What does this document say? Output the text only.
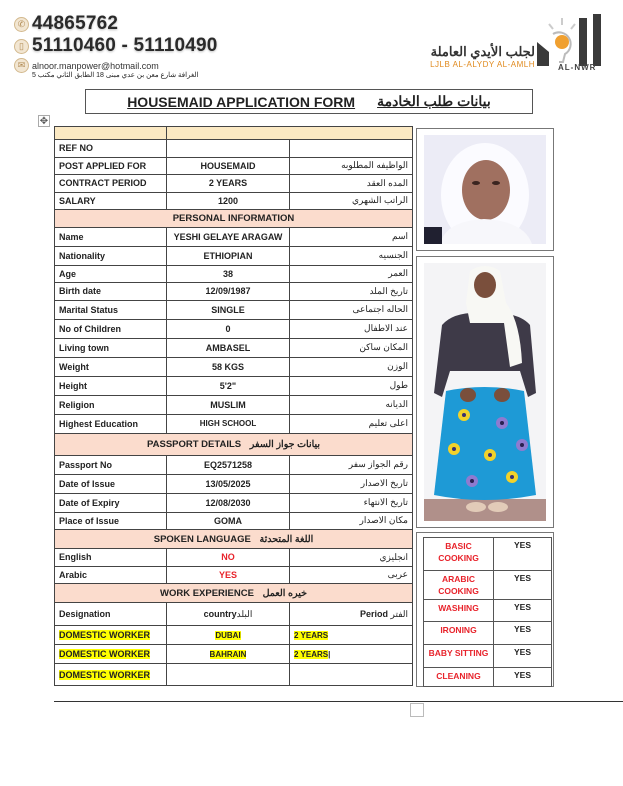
✆ 44865762
▯ 51110460 - 51110490
✉ alnoor.manpower@hotmail.com
الغرافة شارع معن بن عدي مبنى 18 الطابق الثاني مكتب 5
لجلب الأيدي العاملة
LJLB AL-ALYDY AL-AMLH	AL-NWR
HOUSEMAID APPLICATION FORM بيانات طلب الخادمة
✥

REF NO		
POST APPLIED FOR	HOUSEMAID	الواظيفه المطلوبه
CONTRACT PERIOD	2 YEARS	المده العقد
SALARY	1200	الراتب الشهري
PERSONAL INFORMATION		
Name	YESHI GELAYE ARAGAW	اسم
Nationality	ETHIOPIAN	الجنسيه
Age	38	العمر
Birth date	12/09/1987	تاريخ الملد
Marital Status	SINGLE	الحاله اجتماعى
No of Children	0	عند الاطفال
Living town	AMBASEL	المكان ساكن
Weight	58 KGS	الوزن
Height	5'2"	طول
Religion	MUSLIM	الديانه
Highest Education	HIGH SCHOOL	اعلى تعليم
PASSPORT DETAILS بيانات جواز السفر		
Passport No	EQ2571258	رقم الجواز سفر
Date of Issue	13/05/2025	تاريخ الاصدار
Date of Expiry	12/08/2030	تاريخ الانتهاء
Place of Issue	GOMA	مكان الاصدار
SPOKEN LANGUAGE اللغة المتحدثة		
English	NO	انجليزي
Arabic	YES	عربى
WORK EXPERIENCE خيره العمل		
Designation	countryالبلد	Period الفتر
DOMESTIC WORKER	DUBAI	2 YEARS
DOMESTIC WORKER	BAHRAIN	2 YEARS|
DOMESTIC WORKER		
BASIC COOKING	YES
ARABIC COOKING	YES
WASHING	YES
IRONING	YES
BABY SITTING	YES
CLEANING	YES
